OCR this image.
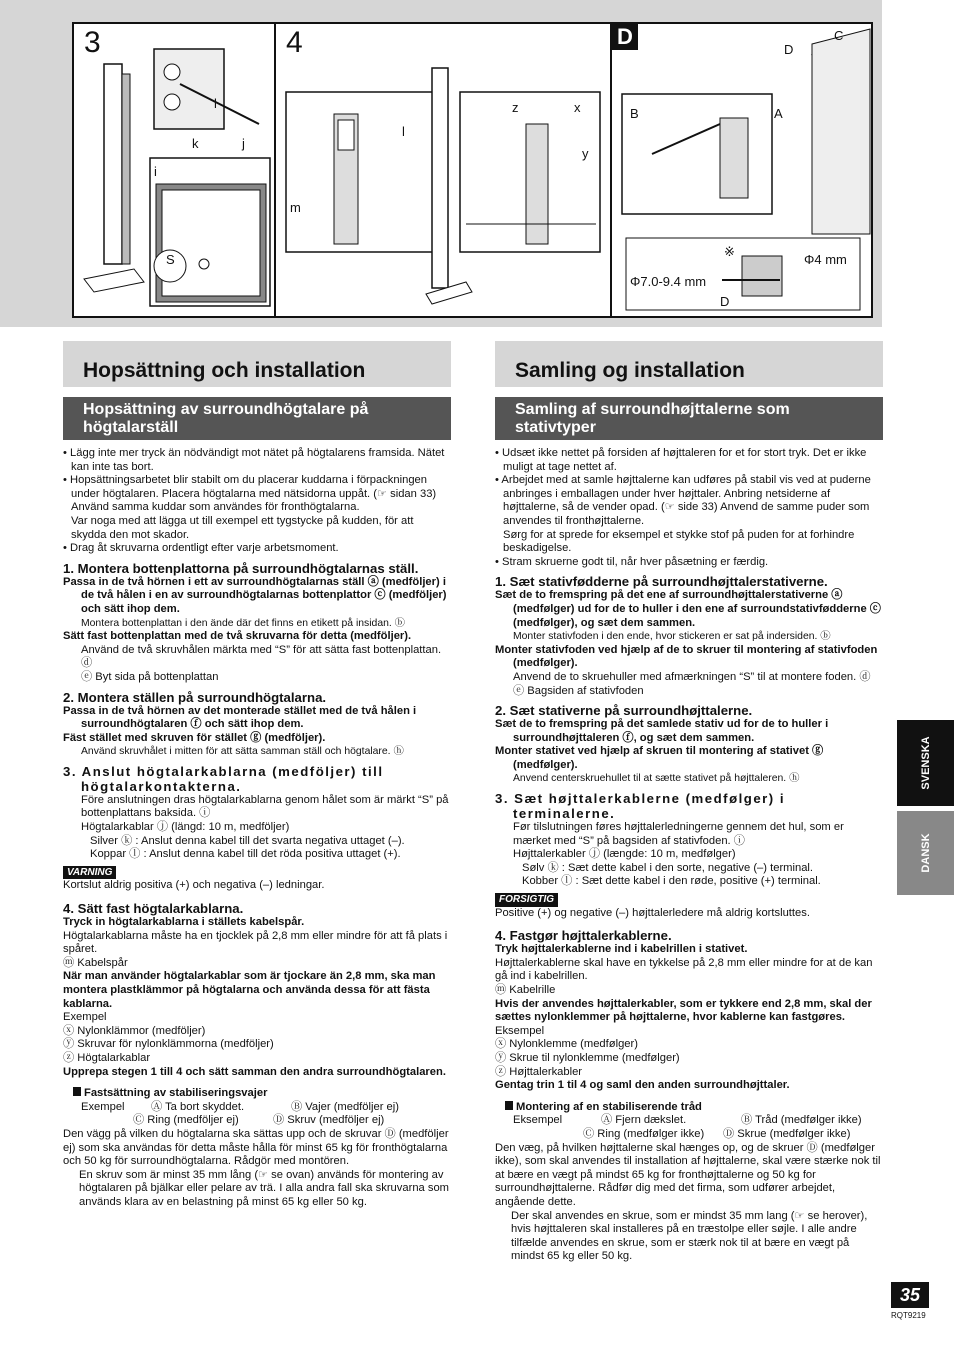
3
l
k	j
i
S
4
l
m
z	x
y
B	A
C
D
※
Φ4 mm
Φ7.0-9.4 mm
D
D
Hopsättning och installation
Hopsättning av surroundhögtalare på högtalarställ

• Lägg inte mer tryck än nödvändigt mot nätet på högtalarens framsida. Nätet kan inte tas bort.

• Hopsättningsarbetet blir stabilt om du placerar kuddarna i förpackningen under högtalaren. Placera högtalarna med nätsidorna uppåt. (☞ sidan 33) Använd samma kuddar som användes för fronthögtalarna.

Var noga med att lägga ut till exempel ett tygstycke på kudden, för att skydda den mot skador.

• Drag åt skruvarna ordentligt efter varje arbetsmoment.

1. Montera bottenplattorna på surroundhögtalarnas ställ.

Passa in de två hörnen i ett av surroundhögtalarnas ställ ⓐ (medföljer) i de två hålen i en av surroundhögtalarnas bottenplattor ⓒ (medföljer) och sätt ihop dem.

Montera bottenplattan i den ände där det finns en etikett på insidan. ⓑ

Sätt fast bottenplattan med de två skruvarna för detta (medföljer).

Använd de två skruvhålen märkta med “S” för att sätta fast bottenplattan. ⓓ

ⓔ Byt sida på bottenplattan

2. Montera ställen på surroundhögtalarna.

Passa in de två hörnen av det monterade stället med de två hålen i surroundhögtalaren ⓕ och sätt ihop dem.

Fäst stället med skruven för stället ⓖ (medföljer).

Använd skruvhålet i mitten för att sätta samman ställ och högtalare. ⓗ

3. Anslut högtalarkablarna (medföljer) till högtalarkontakterna.

Före anslutningen dras högtalarkablarna genom hålet som är märkt “S” på bottenplattans baksida. ⓘ

Högtalarkablar ⓙ (längd: 10 m, medföljer)

Silver ⓚ : Anslut denna kabel till det svarta negativa uttaget (–).

Koppar ⓛ : Anslut denna kabel till det röda positiva uttaget (+).

VARNING

Kortslut aldrig positiva (+) och negativa (–) ledningar.

4. Sätt fast högtalarkablarna.

Tryck in högtalarkablarna i ställets kabelspår.

Högtalarkablarna måste ha en tjocklek på 2,8 mm eller mindre för att få plats i spåret.

ⓜ Kabelspår

När man använder högtalarkablar som är tjockare än 2,8 mm, ska man montera plastklämmor på högtalarna och använda dessa för att fästa kablarna.

Exempel

ⓧ Nylonklämmor (medföljer)

ⓨ Skruvar för nylonklämmorna (medföljer)

ⓩ Högtalarkablar

Upprepa stegen 1 till 4 och sätt samman den andra surroundhögtalaren.

Fastsättning av stabiliseringsvajer

Exempel	Ⓐ Ta bort skyddet.	Ⓑ Vajer (medföljer ej)
Ⓒ Ring (medföljer ej)	Ⓓ Skruv (medföljer ej)

Den vägg på vilken du högtalarna ska sättas upp och de skruvar Ⓓ (medföljer ej) som ska användas för detta måste hålla för minst 65 kg för fronthögtalarna och 50 kg för surroundhögtalarna. Rådgör med montören.

En skruv som är minst 35 mm lång (☞ se ovan) används för montering av högtalaren på bjälkar eller pelare av trä. I alla andra fall ska skruvarna som används klara av en belastning på minst 65 kg eller 50 kg.

Samling og installation
Samling af surroundhøjttalerne som stativtyper

• Udsæt ikke nettet på forsiden af højttaleren for et for stort tryk. Det er ikke muligt at tage nettet af.

• Arbejdet med at samle højttalerne kan udføres på stabil vis ved at puderne anbringes i emballagen under hver højttaler. Anbring netsiderne af højttalerne, så de vender opad. (☞ side 33) Anvend de samme puder som anvendes til fronthøjttalerne.

Sørg for at sprede for eksempel et stykke stof på puden for at forhindre beskadigelse.

• Stram skruerne godt til, når hver påsætning er færdig.

1. Sæt stativfødderne på surroundhøjttalerstativerne.

Sæt de to fremspring på det ene af surroundhøjttalerstativerne ⓐ (medfølger) ud for de to huller i den ene af surroundstativfødderne ⓒ (medfølger), og sæt dem sammen.

Monter stativfoden i den ende, hvor stickeren er sat på indersiden. ⓑ

Monter stativfoden ved hjælp af de to skruer til montering af stativfoden (medfølger).

Anvend de to skruehuller med afmærkningen “S” til at montere foden. ⓓ

ⓔ Bagsiden af stativfoden

2. Sæt stativerne på surroundhøjttalerne.

Sæt de to fremspring på det samlede stativ ud for de to huller i surroundhøjttaleren ⓕ, og sæt dem sammen.

Monter stativet ved hjælp af skruen til montering af stativet ⓖ (medfølger).

Anvend centerskruehullet til at sætte stativet på højttaleren. ⓗ

3. Sæt højttalerkablerne (medfølger) i terminalerne.

Før tilslutningen føres højttalerledningerne gennem det hul, som er mærket med “S” på bagsiden af stativfoden. ⓘ

Højttalerkabler ⓙ (længde: 10 m, medfølger)

Sølv ⓚ : Sæt dette kabel i den sorte, negative (–) terminal.

Kobber ⓛ : Sæt dette kabel i den røde, positive (+) terminal.

FORSIGTIG

Positive (+) og negative (–) højttalerledere må aldrig kortsluttes.

4. Fastgør højttalerkablerne.

Tryk højttalerkablerne ind i kabelrillen i stativet.

Højttalerkablerne skal have en tykkelse på 2,8 mm eller mindre for at de kan gå ind i kabelrillen.

ⓜ Kabelrille

Hvis der anvendes højttalerkabler, som er tykkere end 2,8 mm, skal der sættes nylonklemmer på højttalerne, hvor kablerne kan fastgøres.

Eksempel

ⓧ Nylonklemme (medfølger)

ⓨ Skrue til nylonklemme (medfølger)

ⓩ Højttalerkabler

Gentag trin 1 til 4 og saml den anden surroundhøjttaler.

Montering af en stabiliserende tråd

Eksempel	Ⓐ Fjern dækslet.	Ⓑ Tråd (medfølger ikke)
Ⓒ Ring (medfølger ikke)	Ⓓ Skrue (medfølger ikke)

Den væg, på hvilken højttalerne skal hænges op, og de skruer Ⓓ (medfølger ikke), som skal anvendes til installation af højttalerne, skal være stærke nok til at bære en vægt på mindst 65 kg for fronthøjttalerne og 50 kg for surroundhøjttalerne. Rådfør dig med det firma, som udfører arbejdet, angående dette.

Der skal anvendes en skrue, som er mindst 35 mm lang (☞ se herover), hvis højttaleren skal installeres på en træstolpe eller søjle. I alle andre tilfælde anvendes en skrue, som er stærk nok til at bære en vægt på mindst 65 kg eller 50 kg.

SVENSKA
DANSK
35
RQT9219
